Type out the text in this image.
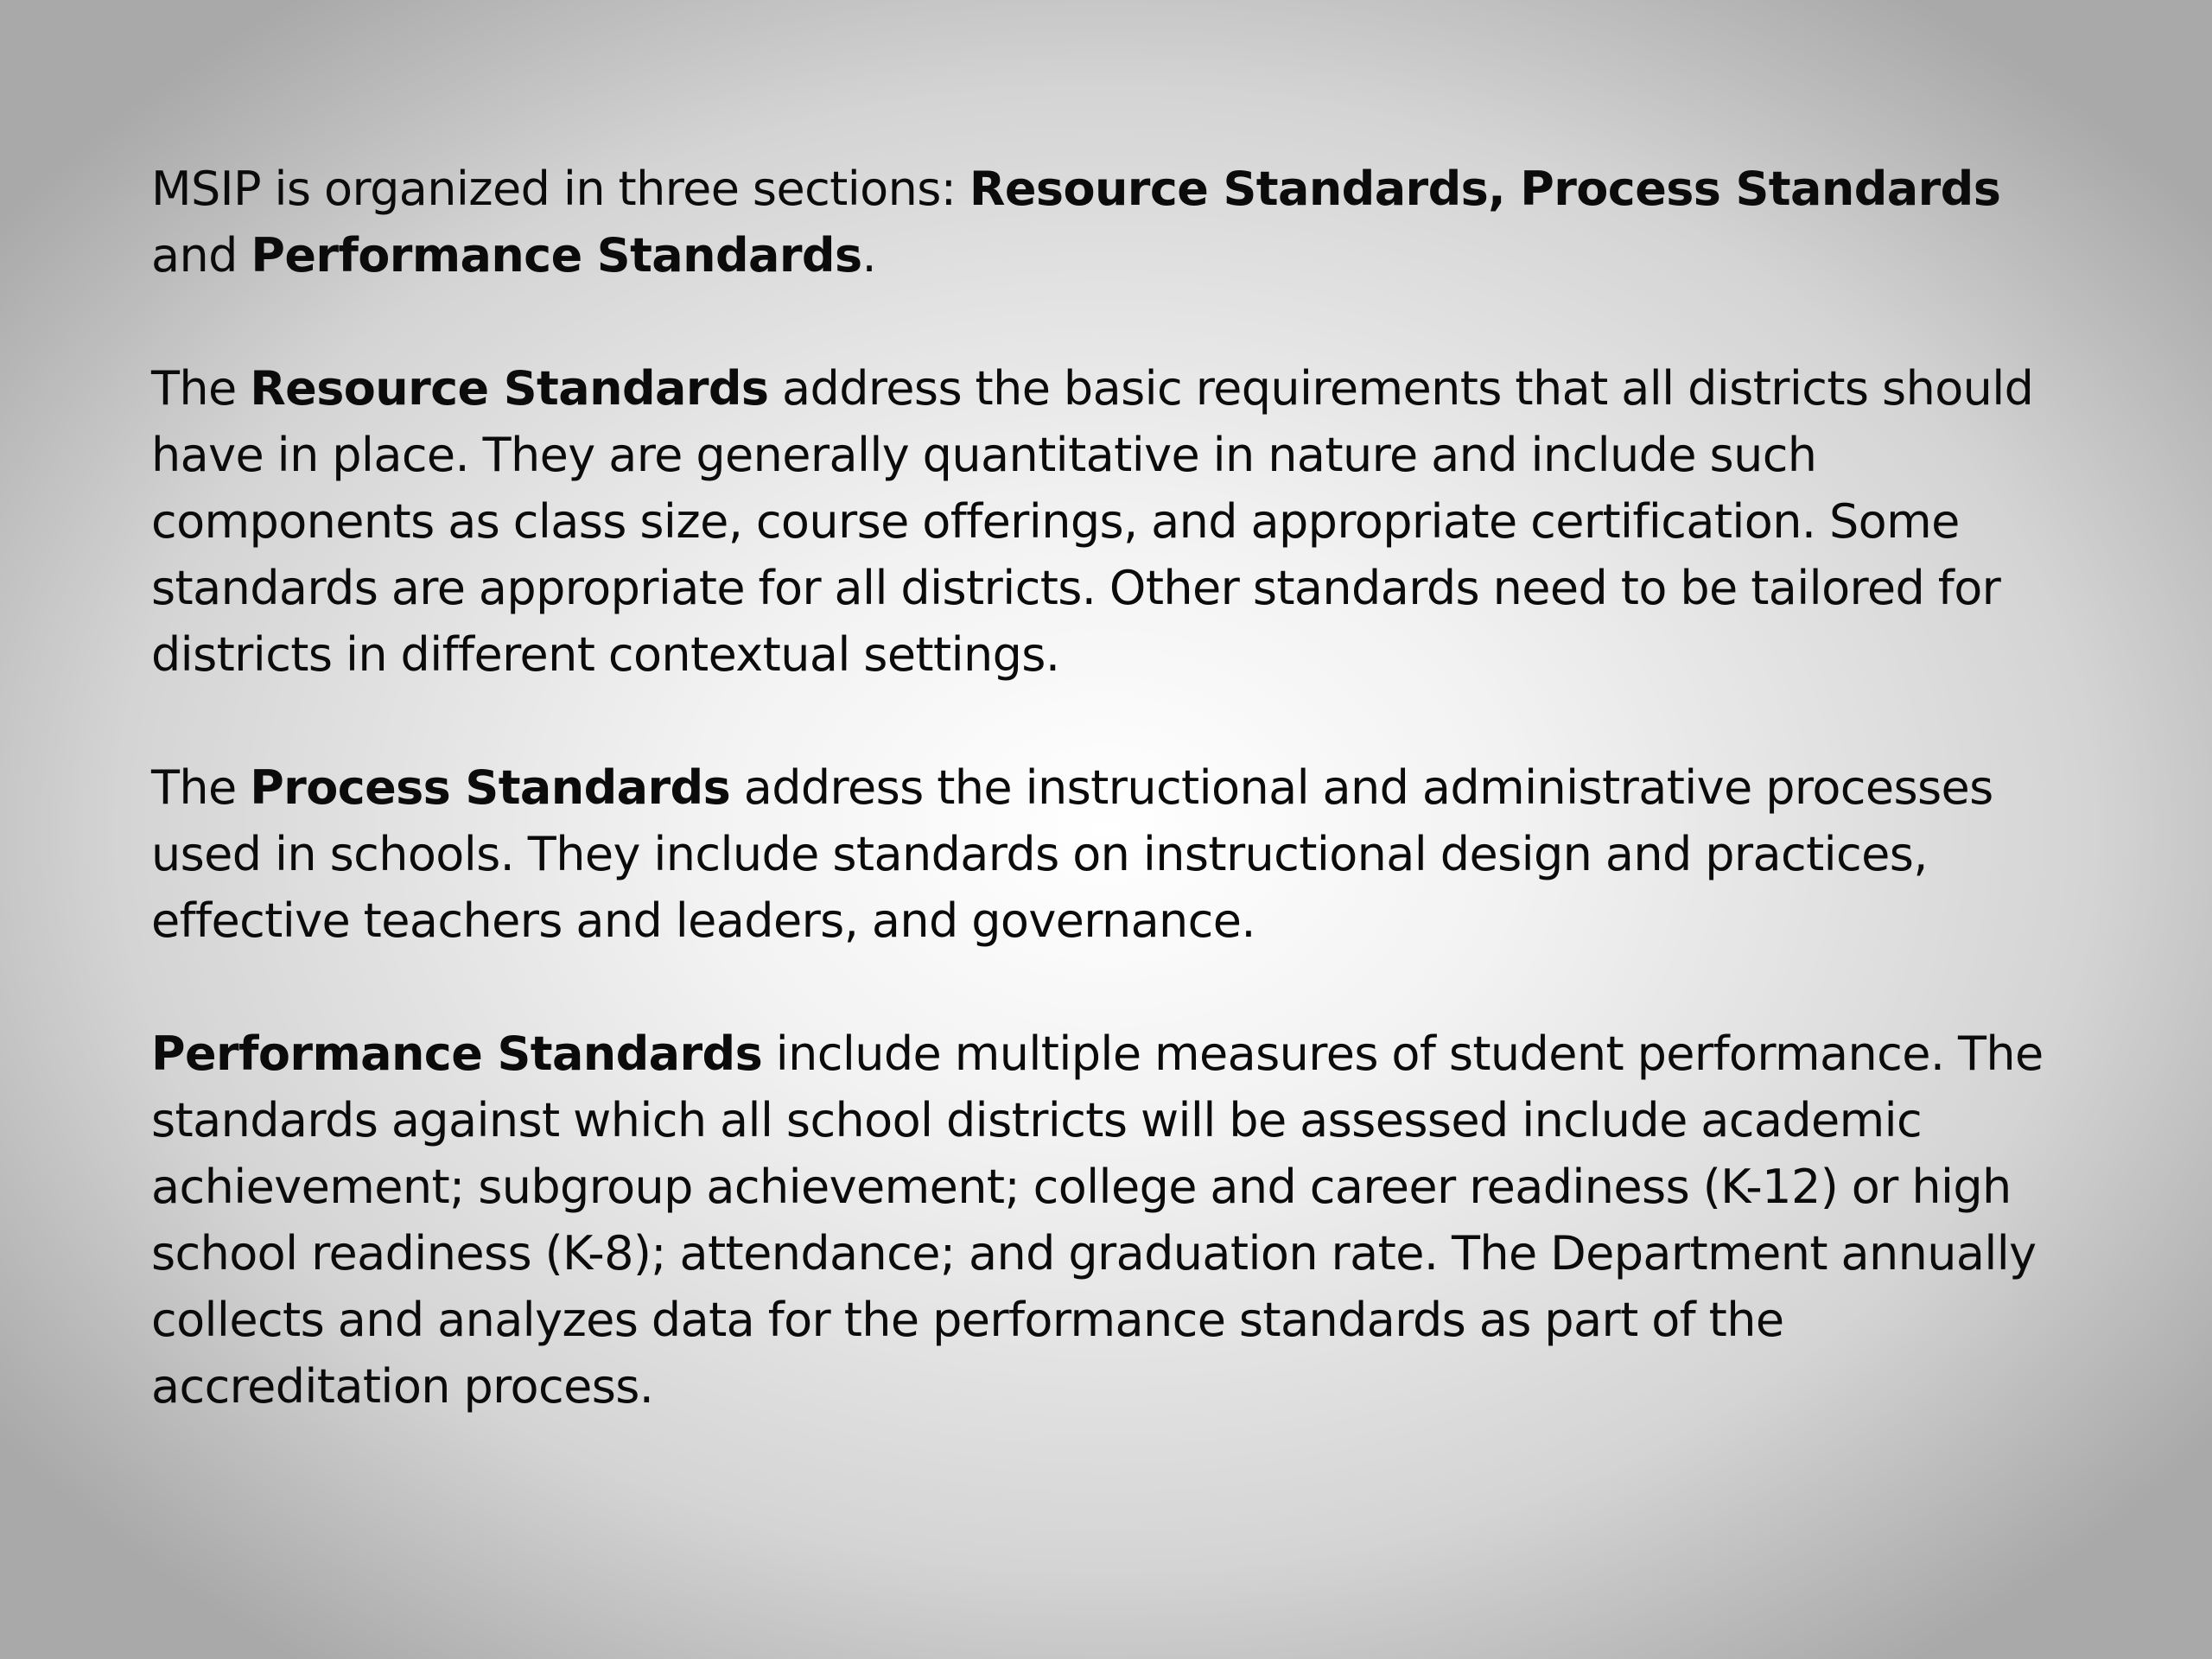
MSIP is organized in three sections: Resource Standards, Process Standards and Performance Standards.

The Resource Standards address the basic requirements that all districts should have in place. They are generally quantitative in nature and include such components as class size, course offerings, and appropriate certification. Some standards are appropriate for all districts. Other standards need to be tailored for districts in different contextual settings.

The Process Standards address the instructional and administrative processes used in schools. They include standards on instructional design and practices, effective teachers and leaders, and governance.

Performance Standards include multiple measures of student performance. The standards against which all school districts will be assessed include academic achievement; subgroup achievement; college and career readiness (K-12) or high school readiness (K-8); attendance; and graduation rate. The Department annually collects and analyzes data for the performance standards as part of the accreditation process.
